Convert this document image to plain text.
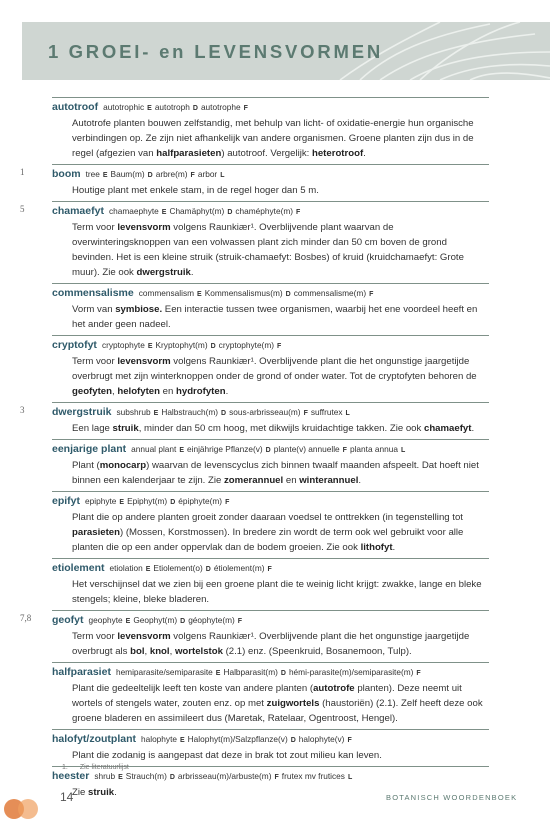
1 GROEI- en LEVENSVORMEN
autotroof autotrophic E autotroph D autotrophe F
Autotrofe planten bouwen zelfstandig, met behulp van licht- of oxidatie-energie hun organische verbindingen op. Ze zijn niet afhankelijk van andere organismen. Groene planten zijn dus in de regel (afgezien van halfparasieten) autotroof. Vergelijk: heterotroof.
1	boom tree E Baum(m) D arbre(m) F arbor L
Houtige plant met enkele stam, in de regel hoger dan 5 m.
5	chamaefyt chamaephyte E Chamäphyt(m) D chaméphyte(m) F
Term voor levensvorm volgens Raunkiær¹. Overblijvende plant waarvan de overwinteringsknoppen van een volwassen plant zich minder dan 50 cm boven de grond bevinden. Het is een kleine struik (struik-chamaefyt: Bosbes) of kruid (kruidchamaefyt: Grote muur). Zie ook dwergstruik.
commensalisme commensalism E Kommensalismus(m) D commensalisme(m) F
Vorm van symbiose. Een interactie tussen twee organismen, waarbij het ene voordeel heeft en het ander geen nadeel.
cryptofyt cryptophyte E Kryptophyt(m) D cryptophyte(m) F
Term voor levensvorm volgens Raunkiær¹. Overblijvende plant die het ongunstige jaargetijde overbrugt met zijn winterknoppen onder de grond of onder water. Tot de cryptofyten behoren de geofyten, helofyten en hydrofyten.
3	dwergstruik subshrub E Halbstrauch(m) D sous-arbrisseau(m) F suffrutex L
Een lage struik, minder dan 50 cm hoog, met dikwijls kruidachtige takken. Zie ook chamaefyt.
eenjarige plant annual plant E einjährige Pflanze(v) D plante(v) annuelle F planta annua L
Plant (monocarp) waarvan de levenscyclus zich binnen twaalf maanden afspeelt. Dat hoeft niet binnen een kalenderjaar te zijn. Zie zomerannuel en winterannuel.
epifyt epiphyte E Epiphyt(m) D épiphyte(m) F
Plant die op andere planten groeit zonder daaraan voedsel te onttrekken (in tegenstelling tot parasieten) (Mossen, Korstmossen). In bredere zin wordt de term ook wel gebruikt voor alle planten die op een ander oppervlak dan de bodem groeien. Zie ook lithofyt.
etiolement etiolation E Etiolement(o) D étiolement(m) F
Het verschijnsel dat we zien bij een groene plant die te weinig licht krijgt: zwakke, lange en bleke stengels; kleine, bleke bladeren.
7,8 geofyt geophyte E Geophyt(m) D géophyte(m) F
Term voor levensvorm volgens Raunkiær¹. Overblijvende plant die het ongunstige jaargetijde overbrugt als bol, knol, wortelstok (2.1) enz. (Speenkruid, Bosanemoon, Tulp).
halfparasiet hemiparasite/semiparasite E Halbparasit(m) D hémi-parasite(m)/semiparasite(m) F
Plant die gedeeltelijk leeft ten koste van andere planten (autotrofe planten). Deze neemt uit wortels of stengels water, zouten enz. op met zuigwortels (haustoriën) (2.1). Zelf heeft deze ook groene bladeren en assimileert dus (Maretak, Ratelaar, Ogentroost, Hengel).
halofyt/zoutplant halophyte E Halophyt(m)/Salzpflanze(v) D halophyte(v) F
Plant die zodanig is aangepast dat deze in brak tot zout milieu kan leven.
heester shrub E Strauch(m) D arbrisseau(m)/arbuste(m) F frutex mv frutices L
Zie struik.
1. Zie literatuurlijst
14	BOTANISCH WOORDENBOEK
